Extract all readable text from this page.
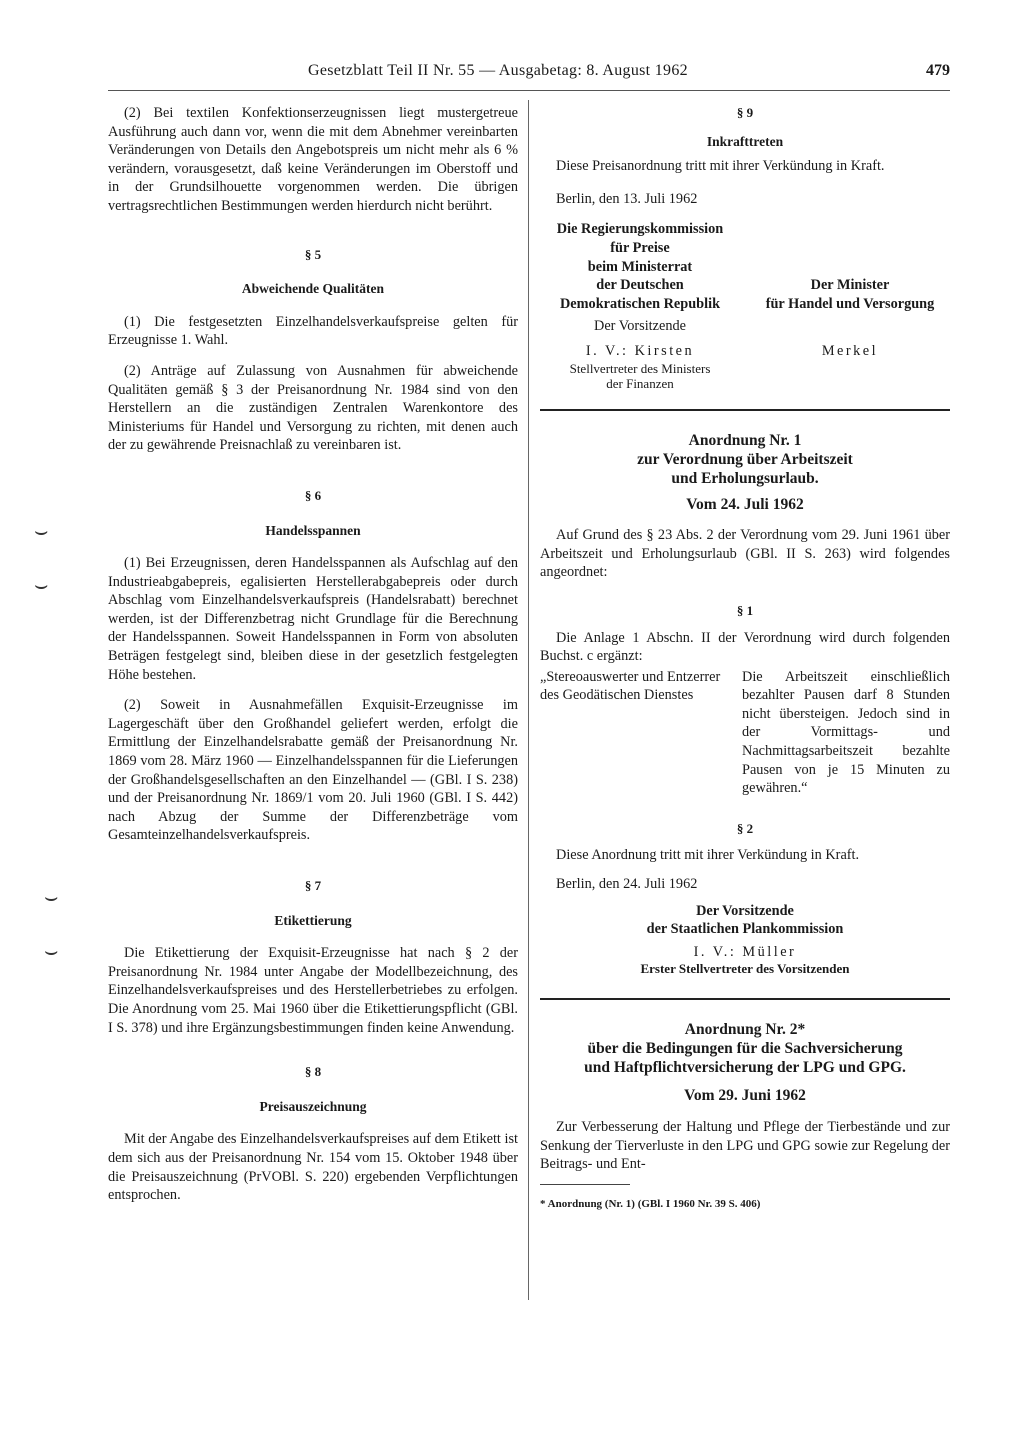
Gesetzblatt Teil II Nr. 55 — Ausgabetag: 8. August 1962	479
⌣
⌣
⌣
⌣

(2) Bei textilen Konfektionserzeugnissen liegt mustergetreue Ausführung auch dann vor, wenn die mit dem Abnehmer vereinbarten Veränderungen von Details den Angebotspreis um nicht mehr als 6 % verändern, vorausgesetzt, daß keine Veränderungen im Oberstoff und in der Grundsilhouette vorgenommen werden. Die übrigen vertragsrechtlichen Bestimmungen werden hierdurch nicht berührt.

§ 5
Abweichende Qualitäten

(1) Die festgesetzten Einzelhandelsverkaufspreise gelten für Erzeugnisse 1. Wahl.

(2) Anträge auf Zulassung von Ausnahmen für abweichende Qualitäten gemäß § 3 der Preisanordnung Nr. 1984 sind von den Herstellern an die zuständigen Zentralen Warenkontore des Ministeriums für Handel und Versorgung zu richten, mit denen auch der zu gewährende Preisnachlaß zu vereinbaren ist.

§ 6
Handelsspannen

(1) Bei Erzeugnissen, deren Handelsspannen als Aufschlag auf den Industrieabgabepreis, egalisierten Herstellerabgabepreis oder durch Abschlag vom Einzelhandelsverkaufspreis (Handelsrabatt) berechnet werden, ist der Differenzbetrag nicht Grundlage für die Berechnung der Handelsspannen. Soweit Handelsspannen in Form von absoluten Beträgen festgelegt sind, bleiben diese in der gesetzlich festgelegten Höhe bestehen.

(2) Soweit in Ausnahmefällen Exquisit-Erzeugnisse im Lagergeschäft über den Großhandel geliefert werden, erfolgt die Ermittlung der Einzelhandelsrabatte gemäß der Preisanordnung Nr. 1869 vom 28. März 1960 — Einzelhandelsspannen für die Lieferungen der Großhandelsgesellschaften an den Einzelhandel — (GBl. I S. 238) und der Preisanordnung Nr. 1869/1 vom 20. Juli 1960 (GBl. I S. 442) nach Abzug der Summe der Differenzbeträge vom Gesamteinzelhandelsverkaufspreis.

§ 7
Etikettierung

Die Etikettierung der Exquisit-Erzeugnisse hat nach § 2 der Preisanordnung Nr. 1984 unter Angabe der Modellbezeichnung, des Einzelhandelsverkaufspreises und des Herstellerbetriebes zu erfolgen. Die Anordnung vom 25. Mai 1960 über die Etikettierungspflicht (GBl. I S. 378) und ihre Ergänzungsbestimmungen finden keine Anwendung.

§ 8
Preisauszeichnung

Mit der Angabe des Einzelhandelsverkaufspreises auf dem Etikett ist dem sich aus der Preisanordnung Nr. 154 vom 15. Oktober 1948 über die Preisauszeichnung (PrVOBl. S. 220) ergebenden Verpflichtungen entsprochen.

§ 9
Inkrafttreten

Diese Preisanordnung tritt mit ihrer Verkündung in Kraft.

Berlin, den 13. Juli 1962

Die Regierungskommission
für Preise
beim Ministerrat
der Deutschen
Demokratischen Republik
Der Vorsitzende
I. V.: Kirsten
Stellvertreter des Ministers
der Finanzen
Der Minister
für Handel und Versorgung
Merkel
Anordnung Nr. 1
zur Verordnung über Arbeitszeit
und Erholungsurlaub.
Vom 24. Juli 1962

Auf Grund des § 23 Abs. 2 der Verordnung vom 29. Juni 1961 über Arbeitszeit und Erholungsurlaub (GBl. II S. 263) wird folgendes angeordnet:

§ 1

Die Anlage 1 Abschn. II der Verordnung wird durch folgenden Buchst. c ergänzt:

„Stereoauswerter und Entzerrer des Geodätischen Dienstes
Die Arbeitszeit einschließlich bezahlter Pausen darf 8 Stunden nicht übersteigen. Jedoch sind in der Vormittags- und Nachmittagsarbeitszeit bezahlte Pausen von je 15 Minuten zu gewähren.“
§ 2

Diese Anordnung tritt mit ihrer Verkündung in Kraft.

Berlin, den 24. Juli 1962

Der Vorsitzende
der Staatlichen Plankommission
I. V.: Müller
Erster Stellvertreter des Vorsitzenden
Anordnung Nr. 2*
über die Bedingungen für die Sachversicherung
und Haftpflichtversicherung der LPG und GPG.
Vom 29. Juni 1962

Zur Verbesserung der Haltung und Pflege der Tierbestände und zur Senkung der Tierverluste in den LPG und GPG sowie zur Regelung der Beitrags- und Ent-

* Anordnung (Nr. 1) (GBl. I 1960 Nr. 39 S. 406)
